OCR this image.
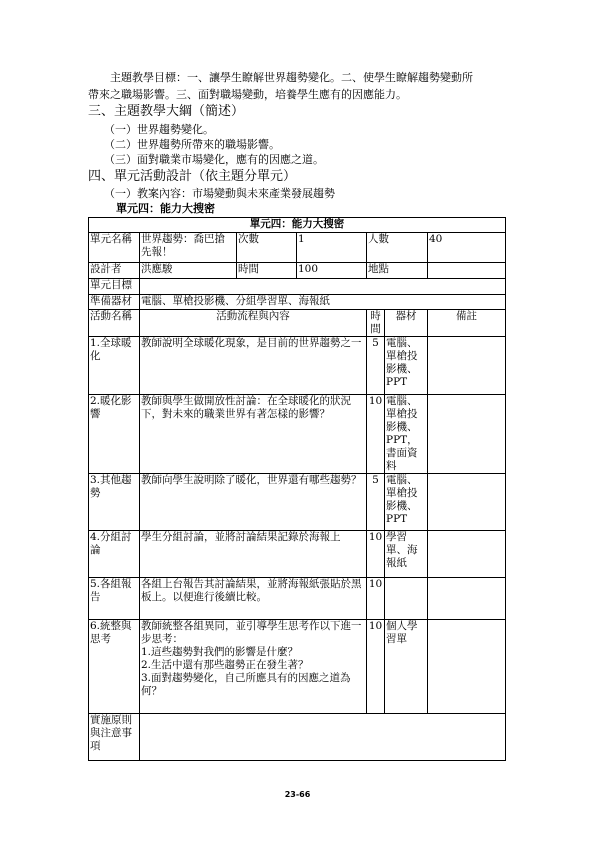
主題教學目標：一、讓學生瞭解世界趨勢變化。二、使學生瞭解趨勢變動所
帶來之職場影響。三、面對職場變動，培養學生應有的因應能力。
三、主題教學大綱（簡述）
（一）世界趨勢變化。
（二）世界趨勢所帶來的職場影響。
（三）面對職業市場變化，應有的因應之道。
四、單元活動設計（依主題分單元）
（一）教案內容：市場變動與未來產業發展趨勢
單元四：能力大搜密
單元四：能力大搜密						
單元名稱	世界趨勢：喬巴搶先報！	次數	1	人數		40
設計者	洪應駿	時間	100	地點		
單元目標						
準備器材	電腦、單槍投影機、分組學習單、海報紙					
活動名稱	活動流程與內容			時間	器材	備註
1.全球暖化	教師說明全球暖化現象，是目前的世界趨勢之一			5	電腦、單槍投影機、PPT	
2.暖化影響	教師與學生做開放性討論：在全球暖化的狀況下，對未來的職業世界有著怎樣的影響？			10	電腦、單槍投影機、PPT，書面資料	
3.其他趨勢	教師向學生說明除了暖化，世界還有哪些趨勢？			5	電腦、單槍投影機、PPT	
4.分組討論	學生分組討論，並將討論結果記錄於海報上			10	學習單、海報紙	
5.各組報告	各組上台報告其討論結果，並將海報紙張貼於黑板上。以便進行後續比較。			10		
6.統整與思考	教師統整各組異同，並引導學生思考作以下進一步思考：
1.這些趨勢對我們的影響是什麼？
2.生活中還有那些趨勢正在發生著？
3.面對趨勢變化，自己所應具有的因應之道為何？			10	個人學習單	
實施原則與注意事項						
23-66
